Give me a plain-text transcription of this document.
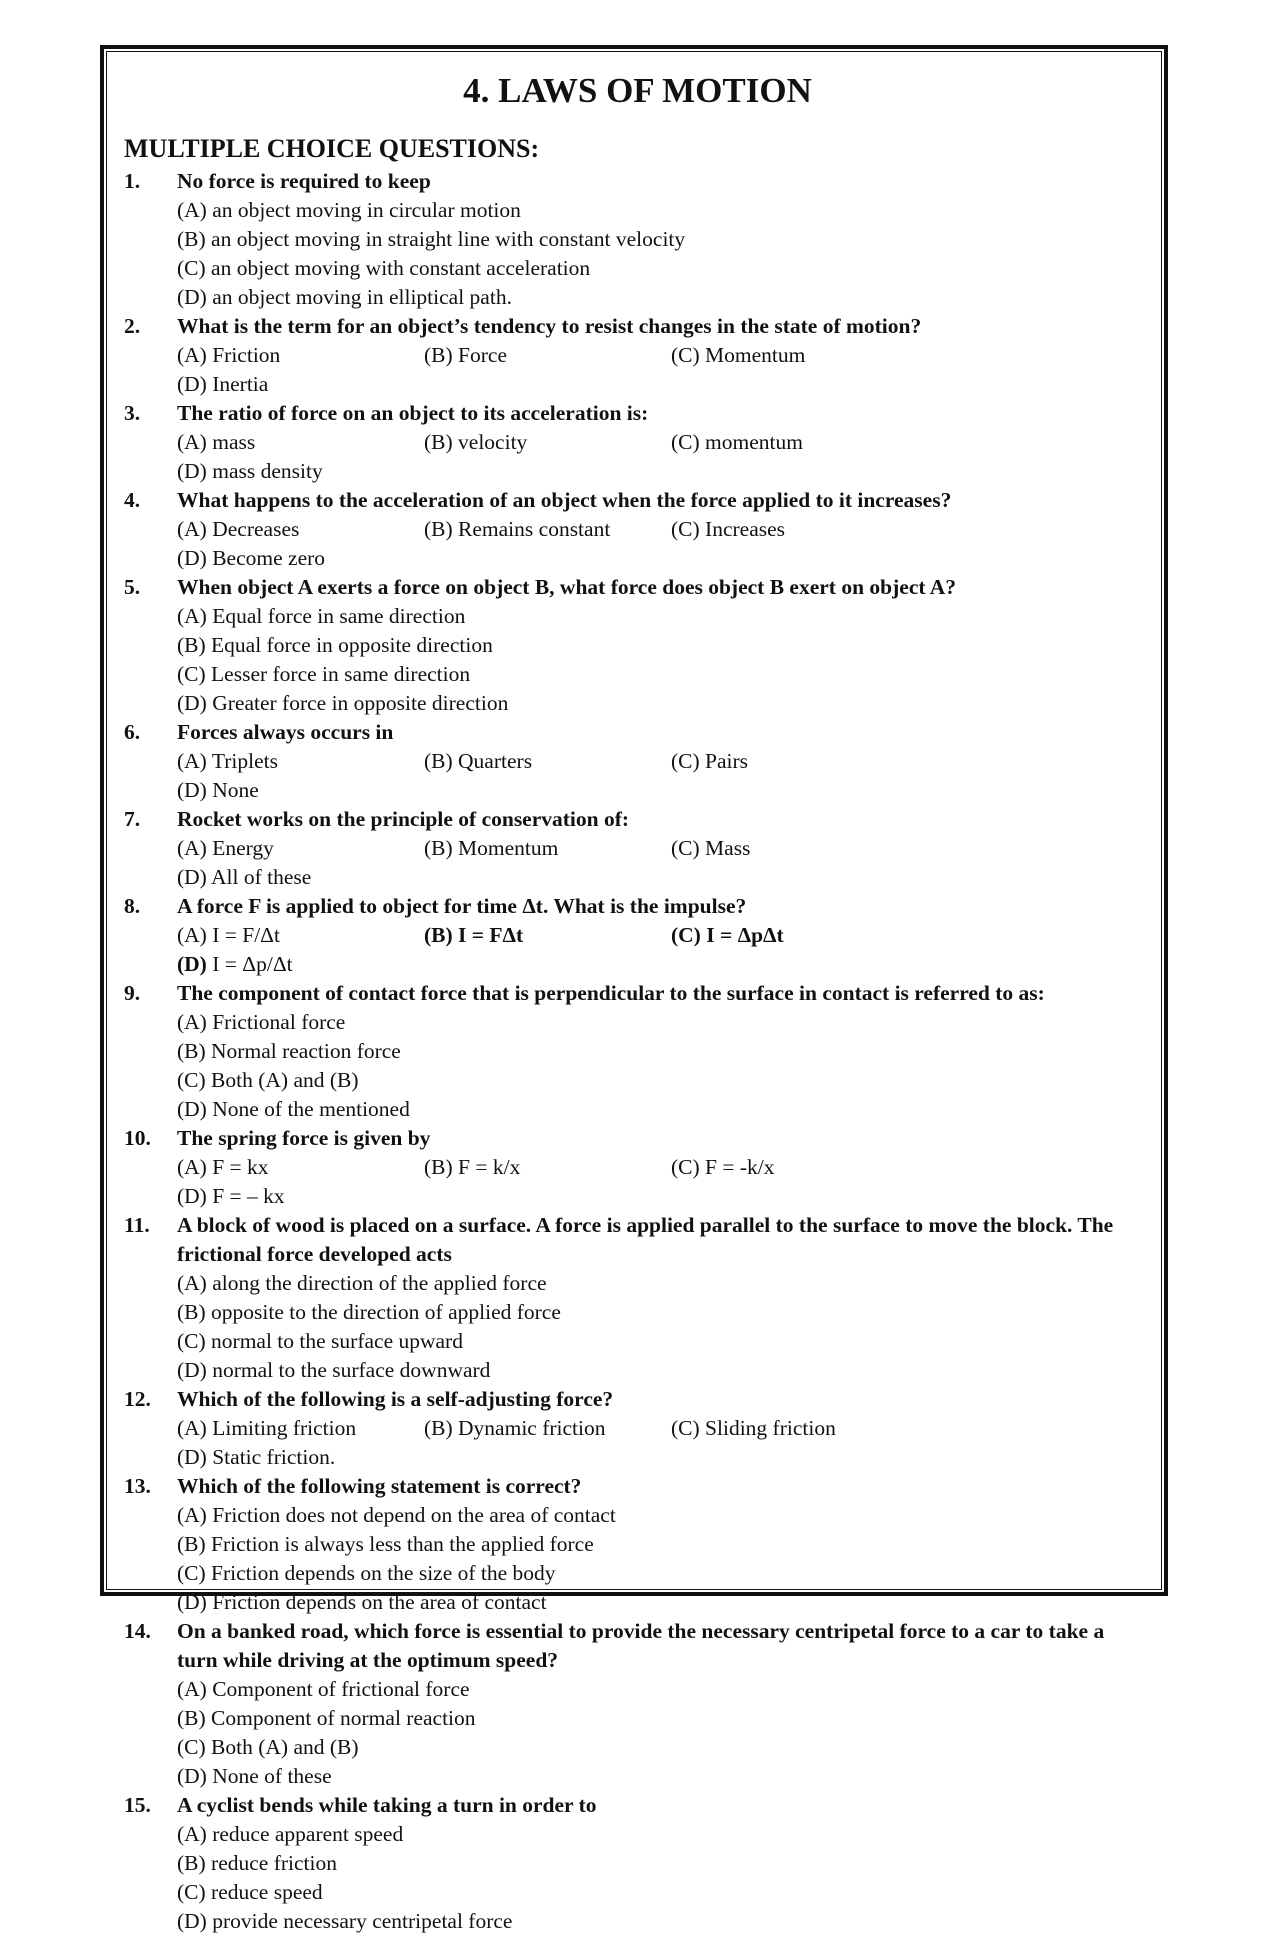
4. LAWS OF MOTION
MULTIPLE CHOICE QUESTIONS:
1.	No force is required to keep
(A) an object moving in circular motion
(B) an object moving in straight line with constant velocity
(C) an object moving with constant acceleration
(D) an object moving in elliptical path.
2.	What is the term for an object’s tendency to resist changes in the state of motion?
(A) Friction	(B) Force	(C) Momentum
(D) Inertia
3.	The ratio of force on an object to its acceleration is:
(A) mass	(B) velocity	(C) momentum
(D) mass density
4.	What happens to the acceleration of an object when the force applied to it increases?
(A) Decreases	(B) Remains constant	(C) Increases
(D) Become zero
5.	When object A exerts a force on object B, what force does object B exert on object A?
(A) Equal force in same direction
(B) Equal force in opposite direction
(C) Lesser force in same direction
(D) Greater force in opposite direction
6.	Forces always occurs in
(A) Triplets	(B) Quarters	(C) Pairs
(D) None
7.	Rocket works on the principle of conservation of:
(A) Energy	(B) Momentum	(C) Mass
(D) All of these
8.	A force F is applied to object for time Δt. What is the impulse?
(A) I = F/Δt	(B) I = FΔt	(C) I = ΔpΔt
(D) I = Δp/Δt
9.	The component of contact force that is perpendicular to the surface in contact is referred to as:
(A) Frictional force
(B) Normal reaction force
(C) Both (A) and (B)
(D) None of the mentioned
10.	The spring force is given by
(A) F = kx	(B) F = k/x	(C) F = -k/x
(D) F = – kx
11.	A block of wood is placed on a surface. A force is applied parallel to the surface to move the block. The frictional force developed acts
(A) along the direction of the applied force
(B) opposite to the direction of applied force
(C) normal to the surface upward
(D) normal to the surface downward
12.	Which of the following is a self-adjusting force?
(A) Limiting friction	(B) Dynamic friction	(C) Sliding friction
(D) Static friction.
13.	Which of the following statement is correct?
(A) Friction does not depend on the area of contact
(B) Friction is always less than the applied force
(C) Friction depends on the size of the body
(D) Friction depends on the area of contact
14.	On a banked road, which force is essential to provide the necessary centripetal force to a car to take a turn while driving at the optimum speed?
(A) Component of frictional force
(B) Component of normal reaction
(C) Both (A) and (B)
(D) None of these
15.	A cyclist bends while taking a turn in order to
(A) reduce apparent speed
(B) reduce friction
(C) reduce speed
(D) provide necessary centripetal force
